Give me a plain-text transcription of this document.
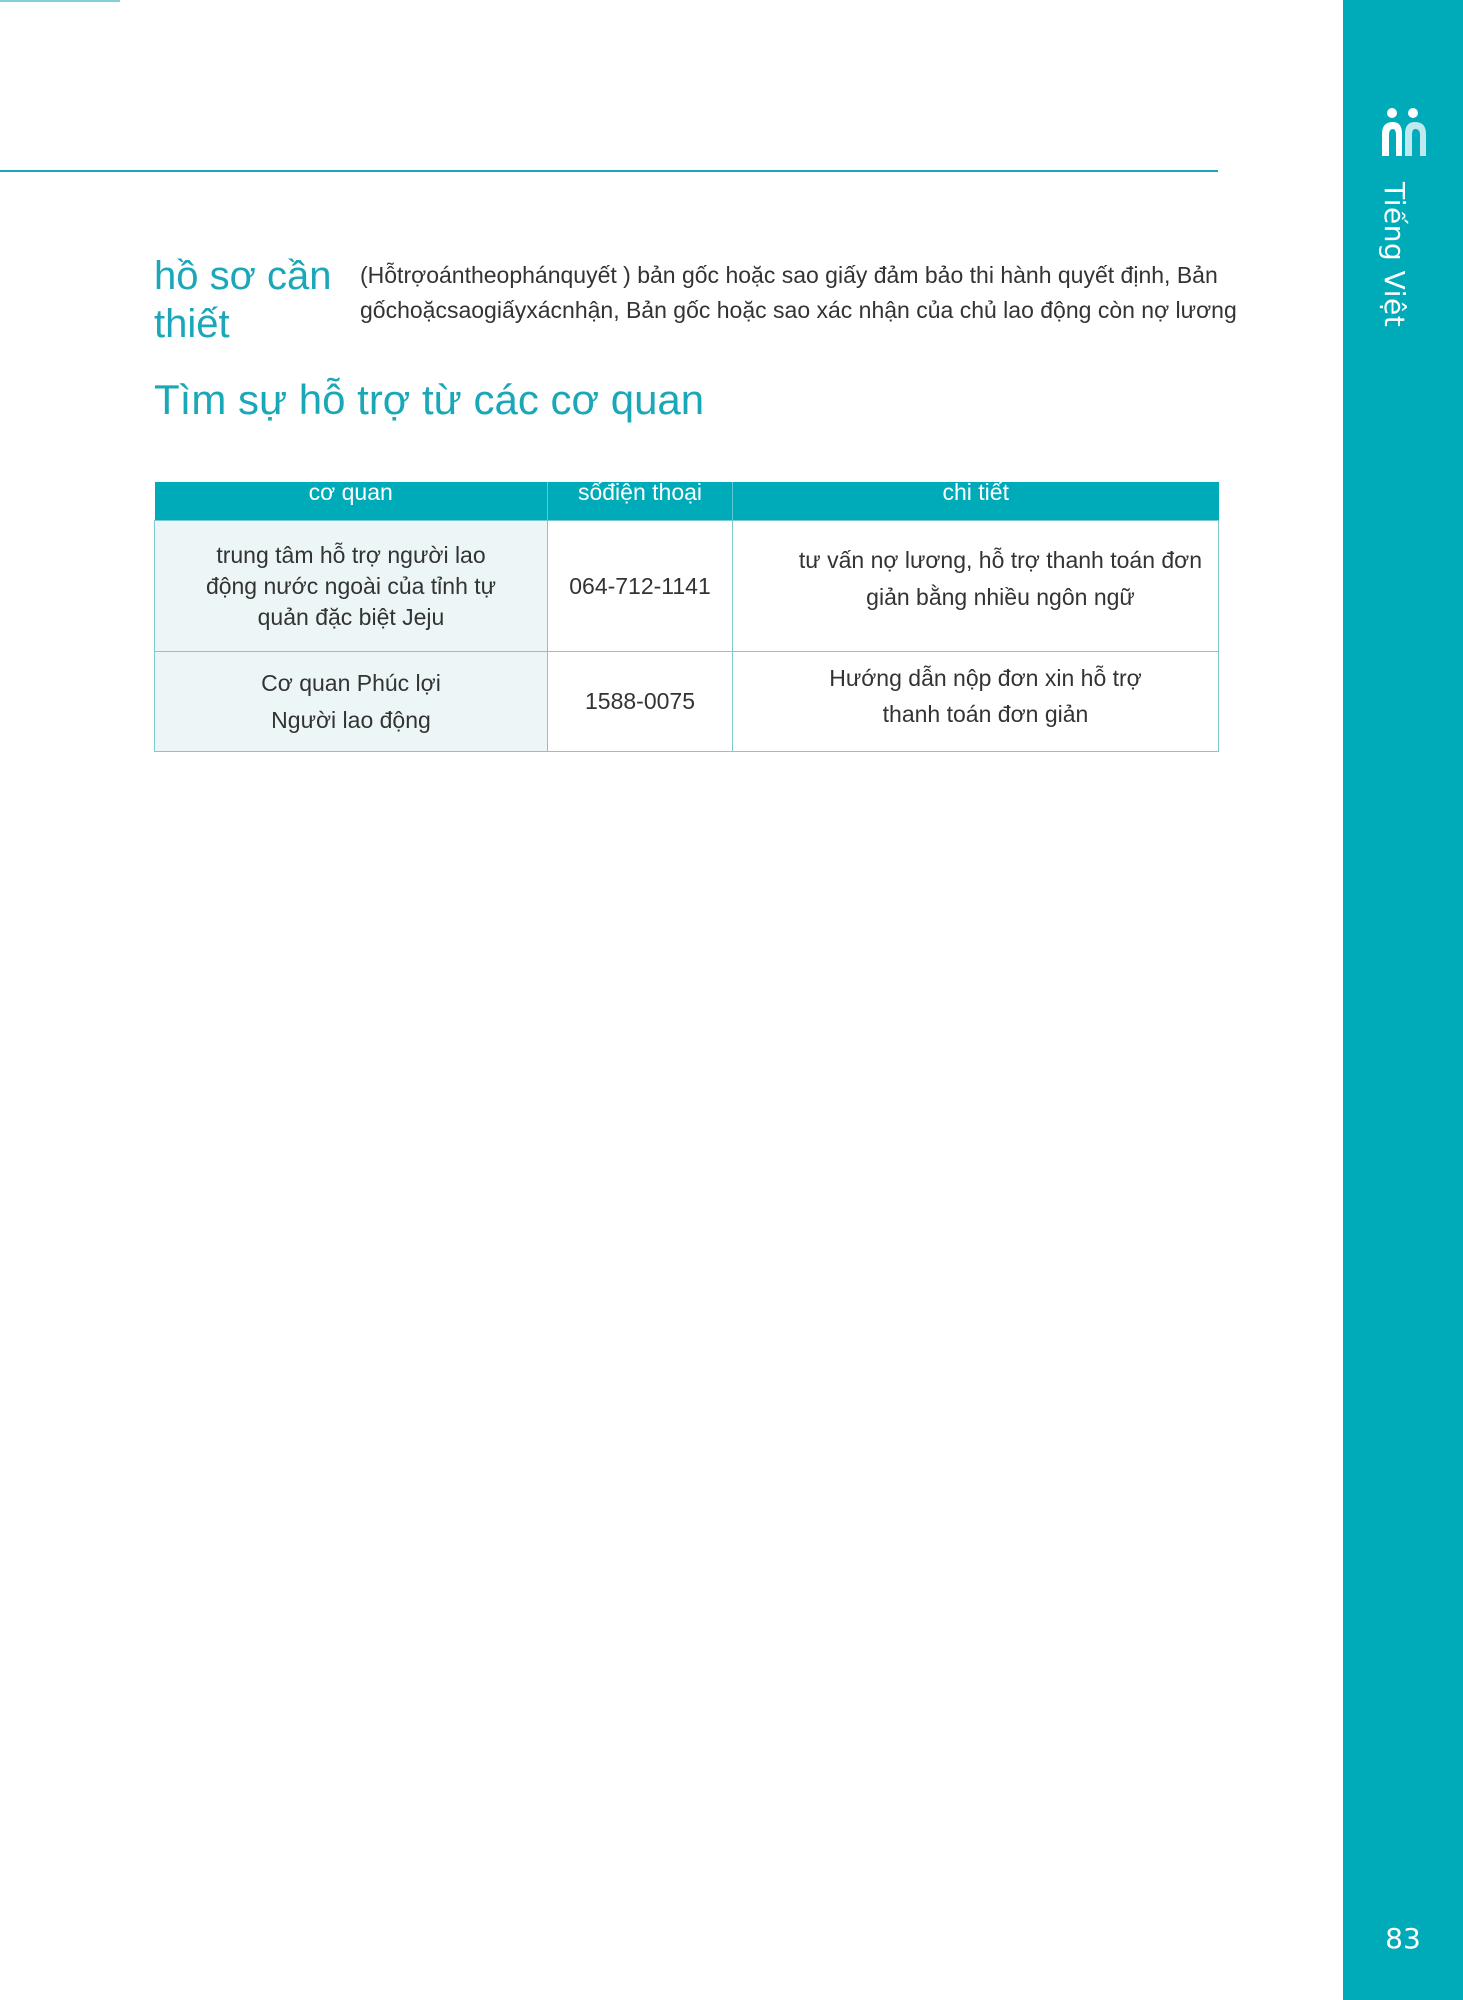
Tiếng Việt
83
hồ sơ cần thiết
(Hỗtrợoántheophánquyết ) bản gốc hoặc sao giấy đảm bảo thi hành quyết định, Bản gốchoặcsaogiấyxácnhận, Bản gốc hoặc sao xác nhận của chủ lao động còn nợ lương
Tìm sự hỗ trợ từ các cơ quan
cơ quan	sốđiện thoại	chi tiết

trung tâm hỗ trợ người lao động nước ngoài của tỉnh tự quản đặc biệt Jeju	064-712-1141	tư vấn nợ lương, hỗ trợ thanh toán đơn giản bằng nhiều ngôn ngữ

Cơ quan Phúc lợi Người lao động	1588-0075	Hướng dẫn nộp đơn xin hỗ trợ thanh toán đơn giản
